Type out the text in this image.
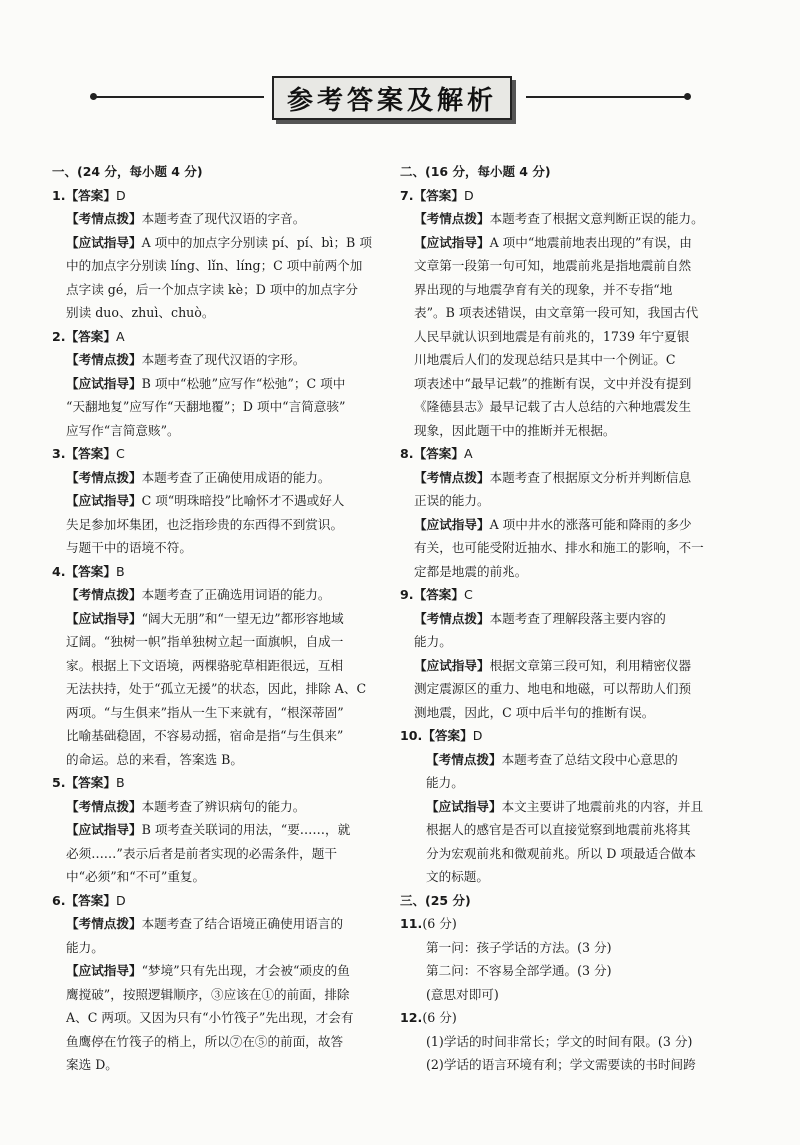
参考答案及解析
一、(24 分，每小题 4 分)
1.【答案】D
【考情点拨】本题考查了现代汉语的字音。
【应试指导】A 项中的加点字分别读 pí、pí、bì；B 项
中的加点字分别读 líng、lǐn、líng；C 项中前两个加
点字读 gé，后一个加点字读 kè；D 项中的加点字分
别读 duo、zhuì、chuò。
2.【答案】A
【考情点拨】本题考查了现代汉语的字形。
【应试指导】B 项中“松驰”应写作“松弛”；C 项中
“天翻地复”应写作“天翻地覆”；D 项中“言简意骇”
应写作“言简意赅”。
3.【答案】C
【考情点拨】本题考查了正确使用成语的能力。
【应试指导】C 项“明珠暗投”比喻怀才不遇或好人
失足参加坏集团，也泛指珍贵的东西得不到赏识。
与题干中的语境不符。
4.【答案】B
【考情点拨】本题考查了正确选用词语的能力。
【应试指导】“阔大无朋”和“一望无边”都形容地域
辽阔。“独树一帜”指单独树立起一面旗帜，自成一
家。根据上下文语境，两棵骆驼草相距很远，互相
无法扶持，处于“孤立无援”的状态，因此，排除 A、C
两项。“与生俱来”指从一生下来就有，“根深蒂固”
比喻基础稳固，不容易动摇，宿命是指“与生俱来”
的命运。总的来看，答案选 B。
5.【答案】B
【考情点拨】本题考查了辨识病句的能力。
【应试指导】B 项考查关联词的用法，“要……，就
必须……”表示后者是前者实现的必需条件，题干
中“必须”和“不可”重复。
6.【答案】D
【考情点拨】本题考查了结合语境正确使用语言的
能力。
【应试指导】“梦境”只有先出现，才会被“顽皮的鱼
鹰搅破”，按照逻辑顺序，③应该在①的前面，排除
A、C 两项。又因为只有“小竹筏子”先出现，才会有
鱼鹰停在竹筏子的梢上，所以⑦在⑤的前面，故答
案选 D。
二、(16 分，每小题 4 分)
7.【答案】D
【考情点拨】本题考查了根据文意判断正误的能力。
【应试指导】A 项中“地震前地表出现的”有误，由
文章第一段第一句可知，地震前兆是指地震前自然
界出现的与地震孕育有关的现象，并不专指“地
表”。B 项表述错误，由文章第一段可知，我国古代
人民早就认识到地震是有前兆的，1739 年宁夏银
川地震后人们的发现总结只是其中一个例证。C
项表述中“最早记载”的推断有误，文中并没有提到
《隆德县志》最早记载了古人总结的六种地震发生
现象，因此题干中的推断并无根据。
8.【答案】A
【考情点拨】本题考查了根据原文分析并判断信息
正误的能力。
【应试指导】A 项中井水的涨落可能和降雨的多少
有关，也可能受附近抽水、排水和施工的影响，不一
定都是地震的前兆。
9.【答案】C
【考情点拨】本题考查了理解段落主要内容的
能力。
【应试指导】根据文章第三段可知，利用精密仪器
测定震源区的重力、地电和地磁，可以帮助人们预
测地震，因此，C 项中后半句的推断有误。
10.【答案】D
【考情点拨】本题考查了总结文段中心意思的
能力。
【应试指导】本文主要讲了地震前兆的内容，并且
根据人的感官是否可以直接觉察到地震前兆将其
分为宏观前兆和微观前兆。所以 D 项最适合做本
文的标题。
三、(25 分)
11.(6 分)
第一问：孩子学话的方法。(3 分)
第二问：不容易全部学通。(3 分)
(意思对即可)
12.(6 分)
(1)学话的时间非常长；学文的时间有限。(3 分)
(2)学话的语言环境有利；学文需要读的书时间跨
